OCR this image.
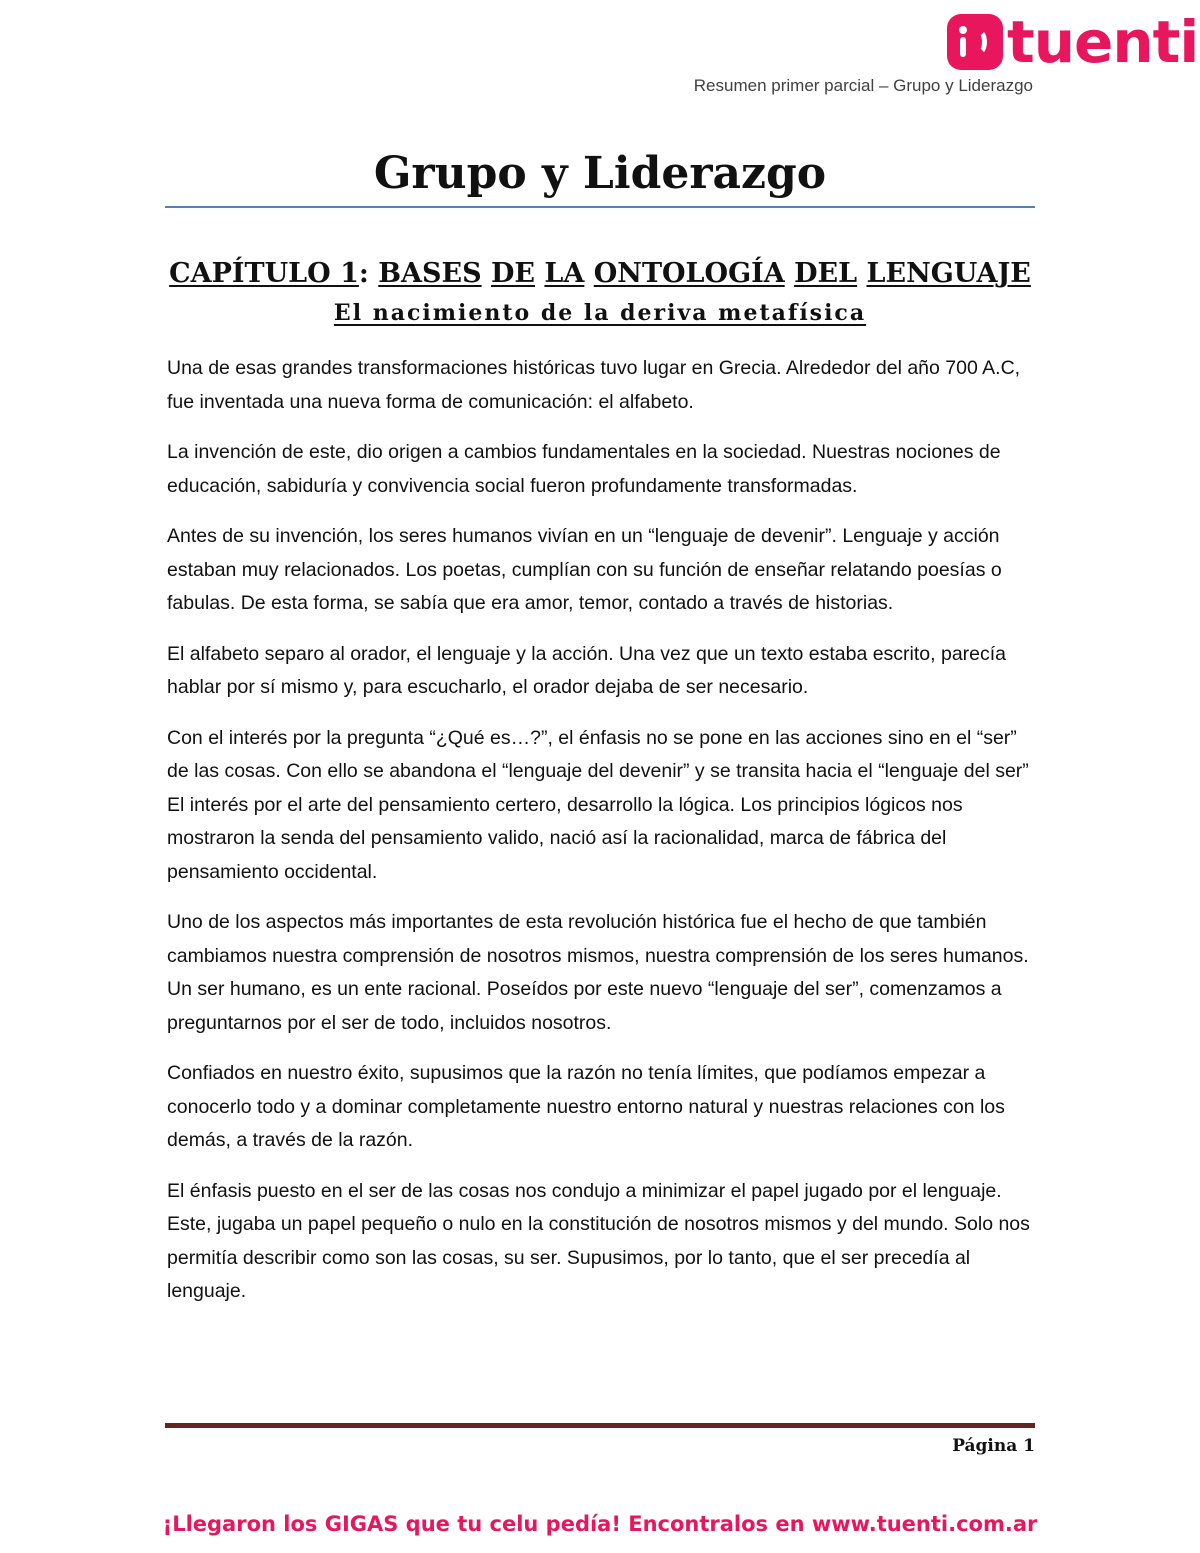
tuenti
Resumen primer parcial – Grupo y Liderazgo
Grupo y Liderazgo
CAPÍTULO 1: BASES DE LA ONTOLOGÍA DEL LENGUAJE
El nacimiento de la deriva metafísica

Una de esas grandes transformaciones históricas tuvo lugar en Grecia. Alrededor del año 700 A.C, fue inventada una nueva forma de comunicación: el alfabeto.

La invención de este, dio origen a cambios fundamentales en la sociedad. Nuestras nociones de educación, sabiduría y convivencia social fueron profundamente transformadas.

Antes de su invención, los seres humanos vivían en un “lenguaje de devenir”. Lenguaje y acción estaban muy relacionados. Los poetas, cumplían con su función de enseñar relatando poesías o fabulas. De esta forma, se sabía que era amor, temor, contado a través de historias.

El alfabeto separo al orador, el lenguaje y la acción. Una vez que un texto estaba escrito, parecía hablar por sí mismo y, para escucharlo, el orador dejaba de ser necesario.

Con el interés por la pregunta “¿Qué es…?”, el énfasis no se pone en las acciones sino en el “ser” de las cosas. Con ello se abandona el “lenguaje del devenir” y se transita hacia el “lenguaje del ser” El interés por el arte del pensamiento certero, desarrollo la lógica. Los principios lógicos nos mostraron la senda del pensamiento valido, nació así la racionalidad, marca de fábrica del pensamiento occidental.

Uno de los aspectos más importantes de esta revolución histórica fue el hecho de que también cambiamos nuestra comprensión de nosotros mismos, nuestra comprensión de los seres humanos. Un ser humano, es un ente racional. Poseídos por este nuevo “lenguaje del ser”, comenzamos a preguntarnos por el ser de todo, incluidos nosotros.

Confiados en nuestro éxito, supusimos que la razón no tenía límites, que podíamos empezar a conocerlo todo y a dominar completamente nuestro entorno natural y nuestras relaciones con los demás, a través de la razón.

El énfasis puesto en el ser de las cosas nos condujo a minimizar el papel jugado por el lenguaje. Este, jugaba un papel pequeño o nulo en la constitución de nosotros mismos y del mundo. Solo nos permitía describir como son las cosas, su ser. Supusimos, por lo tanto, que el ser precedía al lenguaje.

Página 1
¡Llegaron los GIGAS que tu celu pedía! Encontralos en www.tuenti.com.ar
